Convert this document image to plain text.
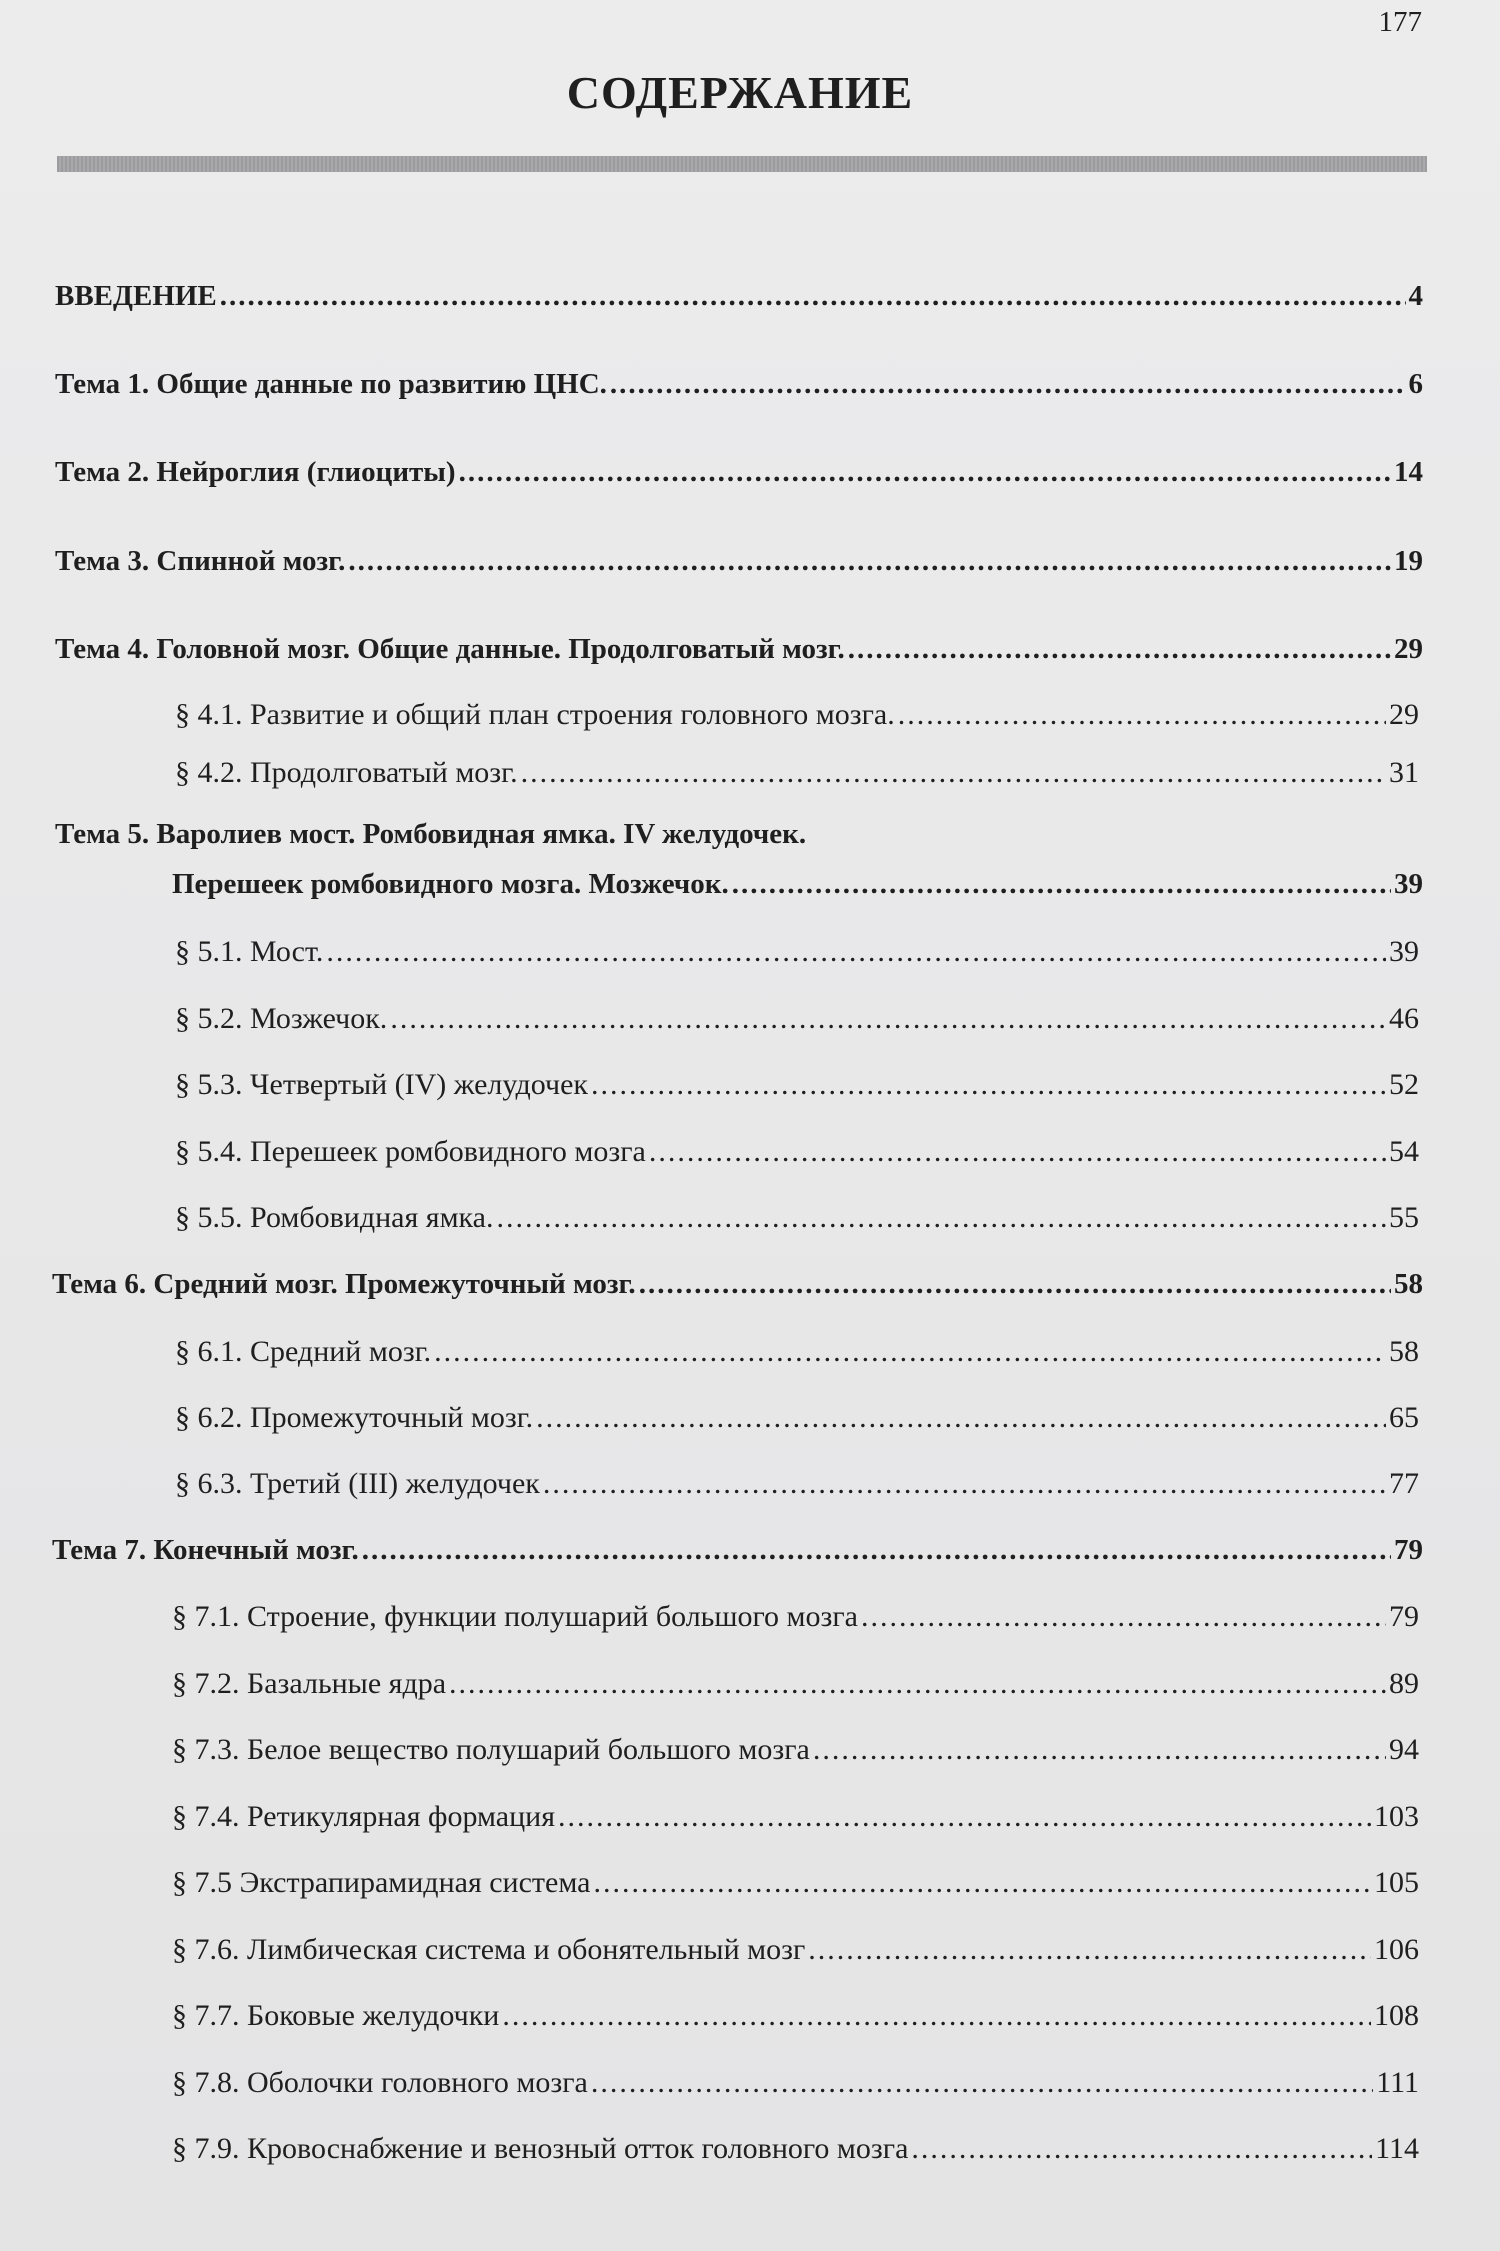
177
СОДЕРЖАНИЕ
ВВЕДЕНИЕ .....	4
Тема 1. Общие данные по развитию ЦНС. .....	6
Тема 2. Нейроглия (глиоциты) .....	14
Тема 3. Спинной мозг. .....	19
Тема 4. Головной мозг. Общие данные. Продолговатый мозг. .....	29
§ 4.1. Развитие и общий план строения головного мозга. .....	29
§ 4.2. Продолговатый мозг. .....	31
Тема 5. Варолиев мост. Ромбовидная ямка. IV желудочек.
Перешеек ромбовидного мозга. Мозжечок. .....	39
§ 5.1. Мост. .....	39
§ 5.2. Мозжечок. .....	46
§ 5.3. Четвертый (IV) желудочек .....	52
§ 5.4. Перешеек ромбовидного мозга .....	54
§ 5.5. Ромбовидная ямка. .....	55
Тема 6. Средний мозг. Промежуточный мозг. .....	58
§ 6.1. Средний мозг. .....	58
§ 6.2. Промежуточный мозг. .....	65
§ 6.3. Третий (III) желудочек .....	77
Тема 7. Конечный мозг. .....	79
§ 7.1. Строение, функции полушарий большого мозга .....	79
§ 7.2. Базальные ядра .....	89
§ 7.3. Белое вещество полушарий большого мозга .....	94
§ 7.4. Ретикулярная формация .....	103
§ 7.5 Экстрапирамидная система .....	105
§ 7.6. Лимбическая система и обонятельный мозг .....	106
§ 7.7. Боковые желудочки .....	108
§ 7.8. Оболочки головного мозга .....	111
§ 7.9. Кровоснабжение и венозный отток головного мозга .....	114
